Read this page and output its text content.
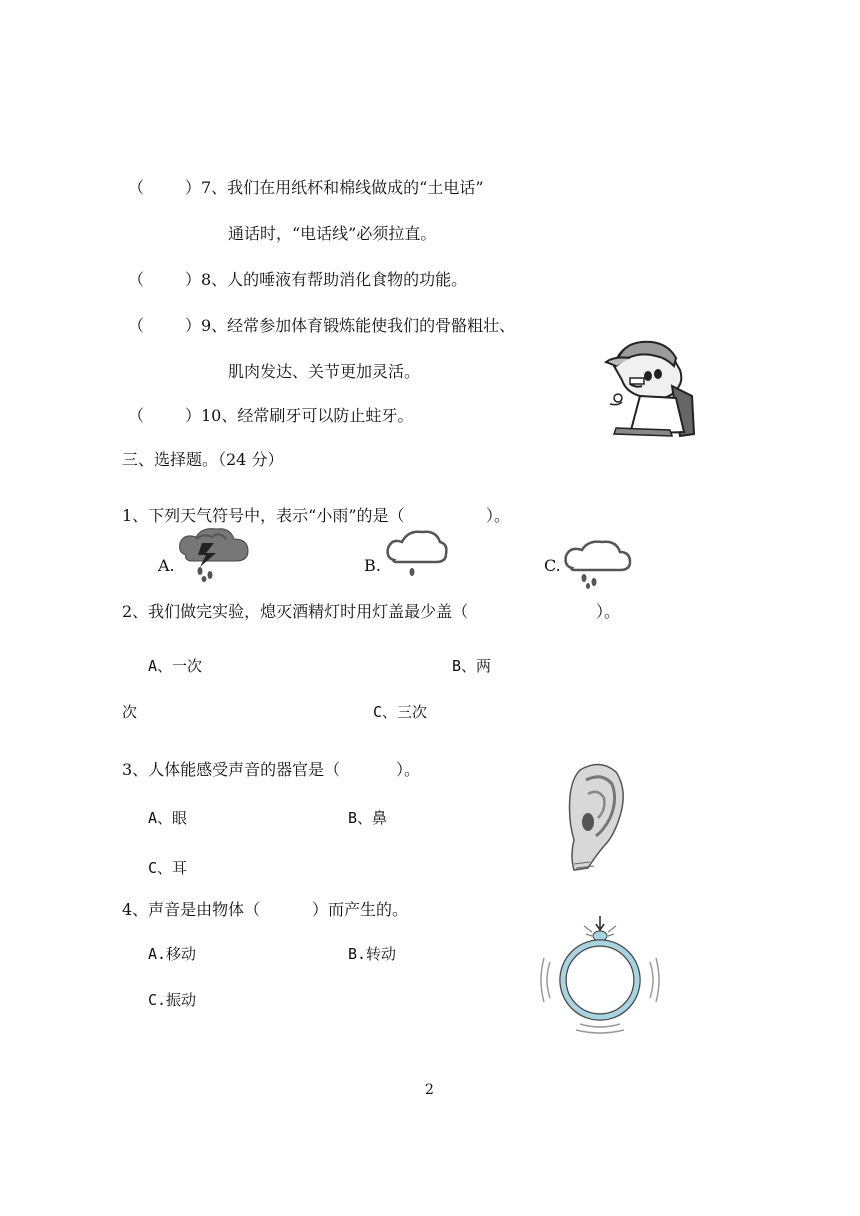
（	） 7、我们在用纸杯和棉线做成的“土电话”
通话时，“电话线”必须拉直。
（	） 8、人的唾液有帮助消化食物的功能。
（	） 9、经常参加体育锻炼能使我们的骨骼粗壮、
肌肉发达、关节更加灵活。
（	） 10、经常刷牙可以防止蛀牙。
三、选择题。（24 分）
1、下列天气符号中，表示“小雨”的是（	）。
A.	B.	C.
2、我们做完实验，熄灭酒精灯时用灯盖最少盖（	）。
A、一次	B、两
次	C、三次
3、人体能感受声音的器官是（	）。
A、眼	B、鼻
C、耳
4、声音是由物体（	）而产生的。
A.移动	B.转动
C.振动
2
